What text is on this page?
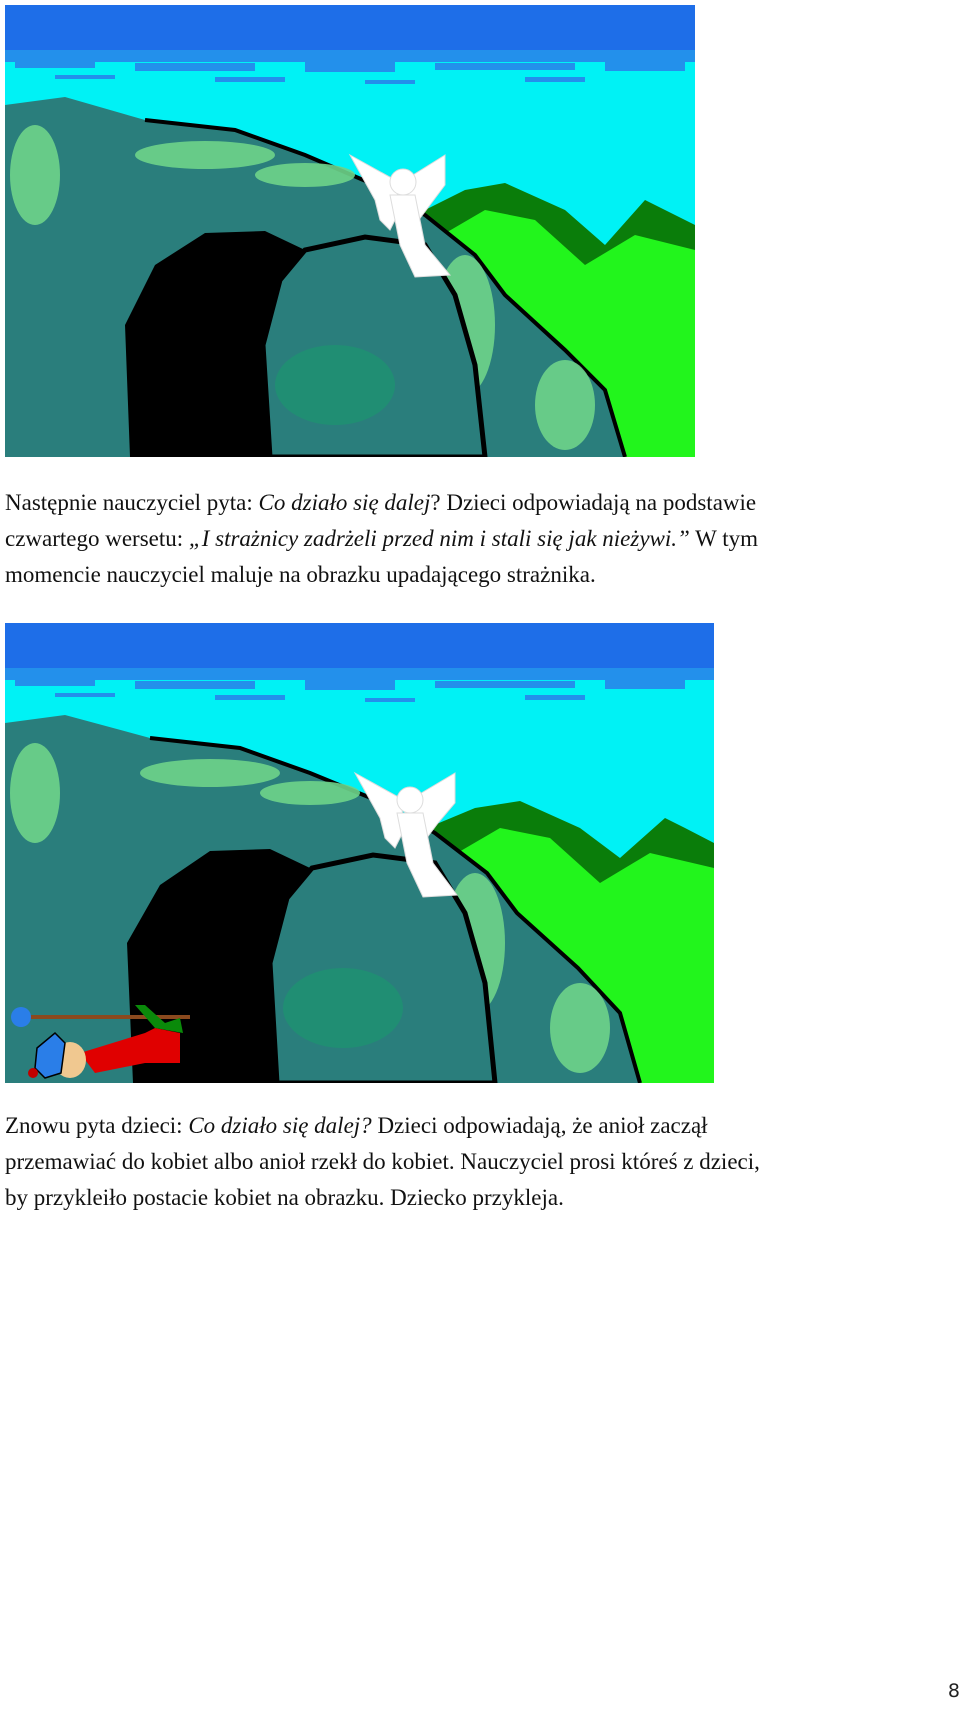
Następnie nauczyciel pyta: Co działo się dalej? Dzieci odpowiadają na podstawie
czwartego wersetu: „I strażnicy zadrżeli przed nim i stali się jak nieżywi.” W tym
momencie nauczyciel maluje na obrazku upadającego strażnika.

Znowu pyta dzieci: Co działo się dalej? Dzieci odpowiadają, że anioł zaczął
przemawiać do kobiet albo anioł rzekł do kobiet. Nauczyciel prosi któreś z dzieci,
by przykleiło postacie kobiet na obrazku. Dziecko przykleja.

8
